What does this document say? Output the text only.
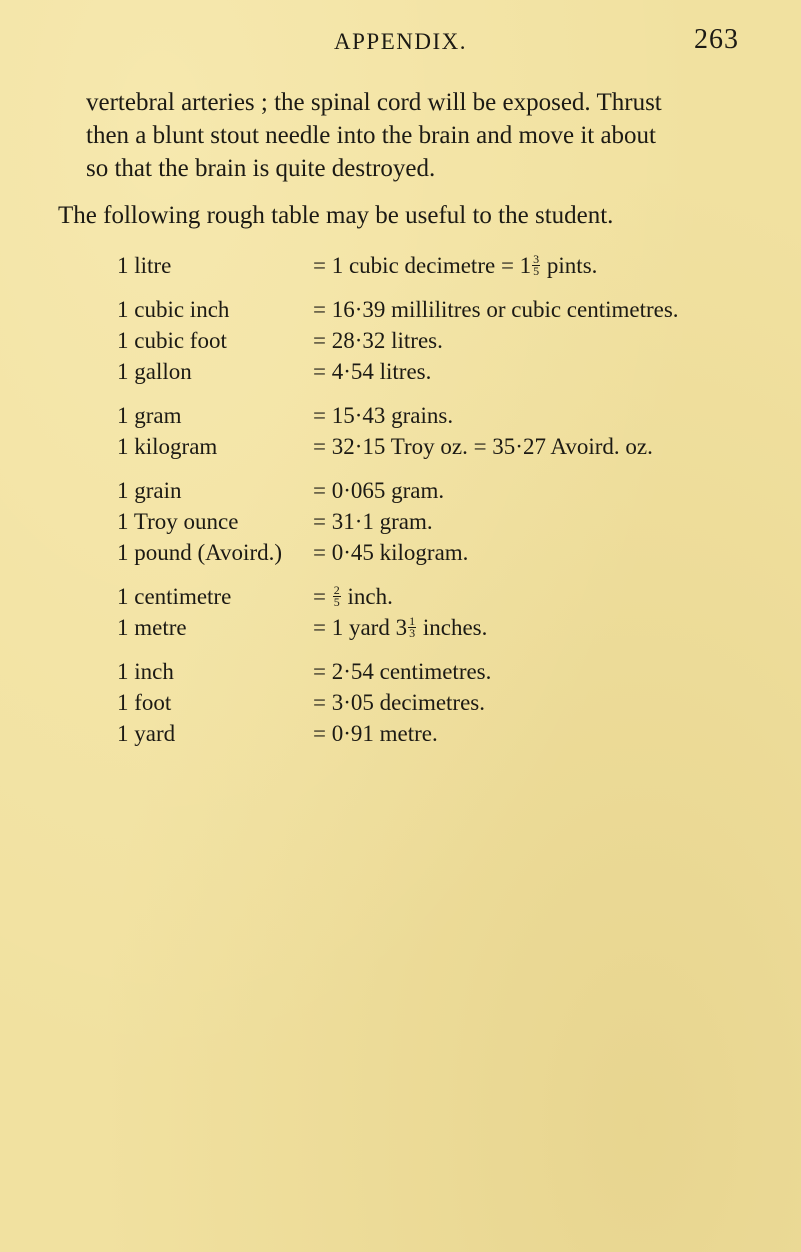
APPENDIX.	263
vertebral arteries ; the spinal cord will be exposed. Thrust
then a blunt stout needle into the brain and move it about
so that the brain is quite destroyed.

The following rough table may be useful to the student.

1 litre	= 1 cubic decimetre = $1 \frac{3}{5}$ pints.
1 cubic inch	= 16·39 millilitres or cubic centimetres.
1 cubic foot	= 28·32 litres.
1 gallon	= 4·54 litres.
1 gram	= 15·43 grains.
1 kilogram	= 32·15 Troy oz. = 35·27 Avoird. oz.
1 grain	= 0·065 gram.
1 Troy ounce	= 31·1 gram.
1 pound (Avoird.)	= 0·45 kilogram.
1 centimetre	= $\frac{2}{5}$ inch.
1 metre	= 1 yard $3 \frac{1}{3}$ inches.
1 inch	= 2·54 centimetres.
1 foot	= 3·05 decimetres.
1 yard	= 0·91 metre.
